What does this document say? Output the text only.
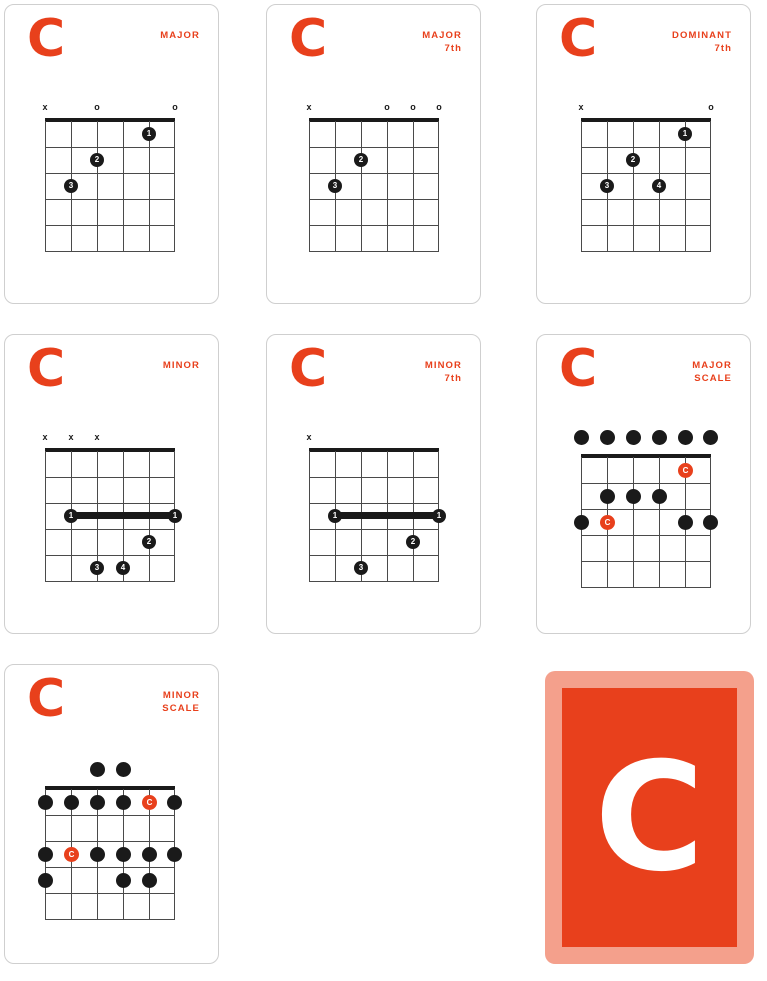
C	MAJOR
x	o	o
1
2
3
C	MAJOR
7th
x	o	o	o
2
3
C	DOMINANT
7th
x	o
1
2
3	4
C	MINOR
x	x	x
1	1
2
3	4
C	MINOR
7th
x
1	1
2
3
C	MAJOR
SCALE
C
C
C	MINOR
SCALE
C
C	C
